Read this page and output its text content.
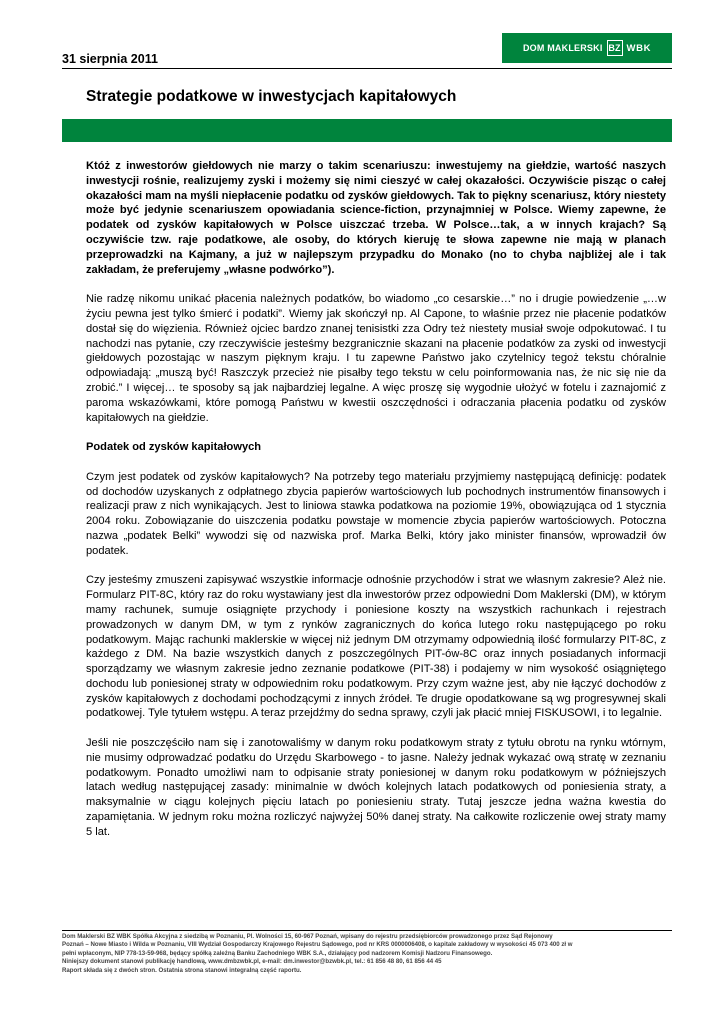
31 sierpnia 2011
DOM MAKLERSKI BZ WBK
Strategie podatkowe w inwestycjach kapitałowych

Któż z inwestorów giełdowych nie marzy o takim scenariuszu: inwestujemy na giełdzie, wartość naszych inwestycji rośnie, realizujemy zyski i możemy się nimi cieszyć w całej okazałości. Oczywiście pisząc o całej okazałości mam na myśli niepłacenie podatku od zysków giełdowych. Tak to piękny scenariusz, który niestety może być jedynie scenariuszem opowiadania science-fiction, przynajmniej w Polsce. Wiemy zapewne, że podatek od zysków kapitałowych w Polsce uiszczać trzeba. W Polsce…tak, a w innych krajach? Są oczywiście tzw. raje podatkowe, ale osoby, do których kieruję te słowa zapewne nie mają w planach przeprowadzki na Kajmany, a już w najlepszym przypadku do Monako (no to chyba najbliżej ale i tak zakładam, że preferujemy „własne podwórko”).

Nie radzę nikomu unikać płacenia należnych podatków, bo wiadomo „co cesarskie…” no i drugie powiedzenie „…w życiu pewna jest tylko śmierć i podatki”. Wiemy jak skończył np. Al Capone, to właśnie przez nie płacenie podatków dostał się do więzienia. Również ojciec bardzo znanej tenisistki zza Odry też niestety musiał swoje odpokutować. I tu nachodzi nas pytanie, czy rzeczywiście jesteśmy bezgranicznie skazani na płacenie podatków za zyski od inwestycji giełdowych pozostając w naszym pięknym kraju. I tu zapewne Państwo jako czytelnicy tegoż tekstu chóralnie odpowiadają: „muszą być! Raszczyk przecież nie pisałby tego tekstu w celu poinformowania nas, że nic się nie da zrobić.” I więcej… te sposoby są jak najbardziej legalne. A więc proszę się wygodnie ułożyć w fotelu i zaznajomić z paroma wskazówkami, które pomogą Państwu w kwestii oszczędności i odraczania płacenia podatku od zysków kapitałowych na giełdzie.

Podatek od zysków kapitałowych

Czym jest podatek od zysków kapitałowych? Na potrzeby tego materiału przyjmiemy następującą definicję: podatek od dochodów uzyskanych z odpłatnego zbycia papierów wartościowych lub pochodnych instrumentów finansowych i realizacji praw z nich wynikających. Jest to liniowa stawka podatkowa na poziomie 19%, obowiązująca od 1 stycznia 2004 roku. Zobowiązanie do uiszczenia podatku powstaje w momencie zbycia papierów wartościowych. Potoczna nazwa „podatek Belki” wywodzi się od nazwiska prof. Marka Belki, który jako minister finansów, wprowadził ów podatek.

Czy jesteśmy zmuszeni zapisywać wszystkie informacje odnośnie przychodów i strat we własnym zakresie? Ależ nie. Formularz PIT-8C, który raz do roku wystawiany jest dla inwestorów przez odpowiedni Dom Maklerski (DM), w którym mamy rachunek, sumuje osiągnięte przychody i poniesione koszty na wszystkich rachunkach i rejestrach prowadzonych w danym DM, w tym z rynków zagranicznych do końca lutego roku następującego po roku podatkowym. Mając rachunki maklerskie w więcej niż jednym DM otrzymamy odpowiednią ilość formularzy PIT-8C, z każdego z DM. Na bazie wszystkich danych z poszczególnych PIT-ów-8C oraz innych posiadanych informacji sporządzamy we własnym zakresie jedno zeznanie podatkowe (PIT-38) i podajemy w nim wysokość osiągniętego dochodu lub poniesionej straty w odpowiednim roku podatkowym. Przy czym ważne jest, aby nie łączyć dochodów z zysków kapitałowych z dochodami pochodzącymi z innych źródeł. Te drugie opodatkowane są wg progresywnej skali podatkowej. Tyle tytułem wstępu. A teraz przejdźmy do sedna sprawy, czyli jak płacić mniej FISKUSOWI, i to legalnie.

Jeśli nie poszczęściło nam się i zanotowaliśmy w danym roku podatkowym straty z tytułu obrotu na rynku wtórnym, nie musimy odprowadzać podatku do Urzędu Skarbowego - to jasne. Należy jednak wykazać ową stratę w zeznaniu podatkowym. Ponadto umożliwi nam to odpisanie straty poniesionej w danym roku podatkowym w późniejszych latach według następującej zasady: minimalnie w dwóch kolejnych latach podatkowych od poniesienia straty, a maksymalnie w ciągu kolejnych pięciu latach po poniesieniu straty. Tutaj jeszcze jedna ważna kwestia do zapamiętania. W jednym roku można rozliczyć najwyżej 50% danej straty. Na całkowite rozliczenie owej straty mamy 5 lat.

Dom Maklerski BZ WBK Spółka Akcyjna z siedzibą w Poznaniu, Pl. Wolności 15, 60-967 Poznań, wpisany do rejestru przedsiębiorców prowadzonego przez Sąd Rejonowy
Poznań – Nowe Miasto i Wilda w Poznaniu, VIII Wydział Gospodarczy Krajowego Rejestru Sądowego, pod nr KRS 0000006408, o kapitale zakładowy w wysokości 45 073 400 zł w
pełni wpłaconym, NIP 778-13-59-968, będący spółką zależną Banku Zachodniego WBK S.A., działający pod nadzorem Komisji Nadzoru Finansowego.
Niniejszy dokument stanowi publikację handlową, www.dmbzwbk.pl, e-mail: dm.inwestor@bzwbk.pl, tel.: 61 856 48 80, 61 856 44 45
Raport składa się z dwóch stron. Ostatnia strona stanowi integralną część raportu.
